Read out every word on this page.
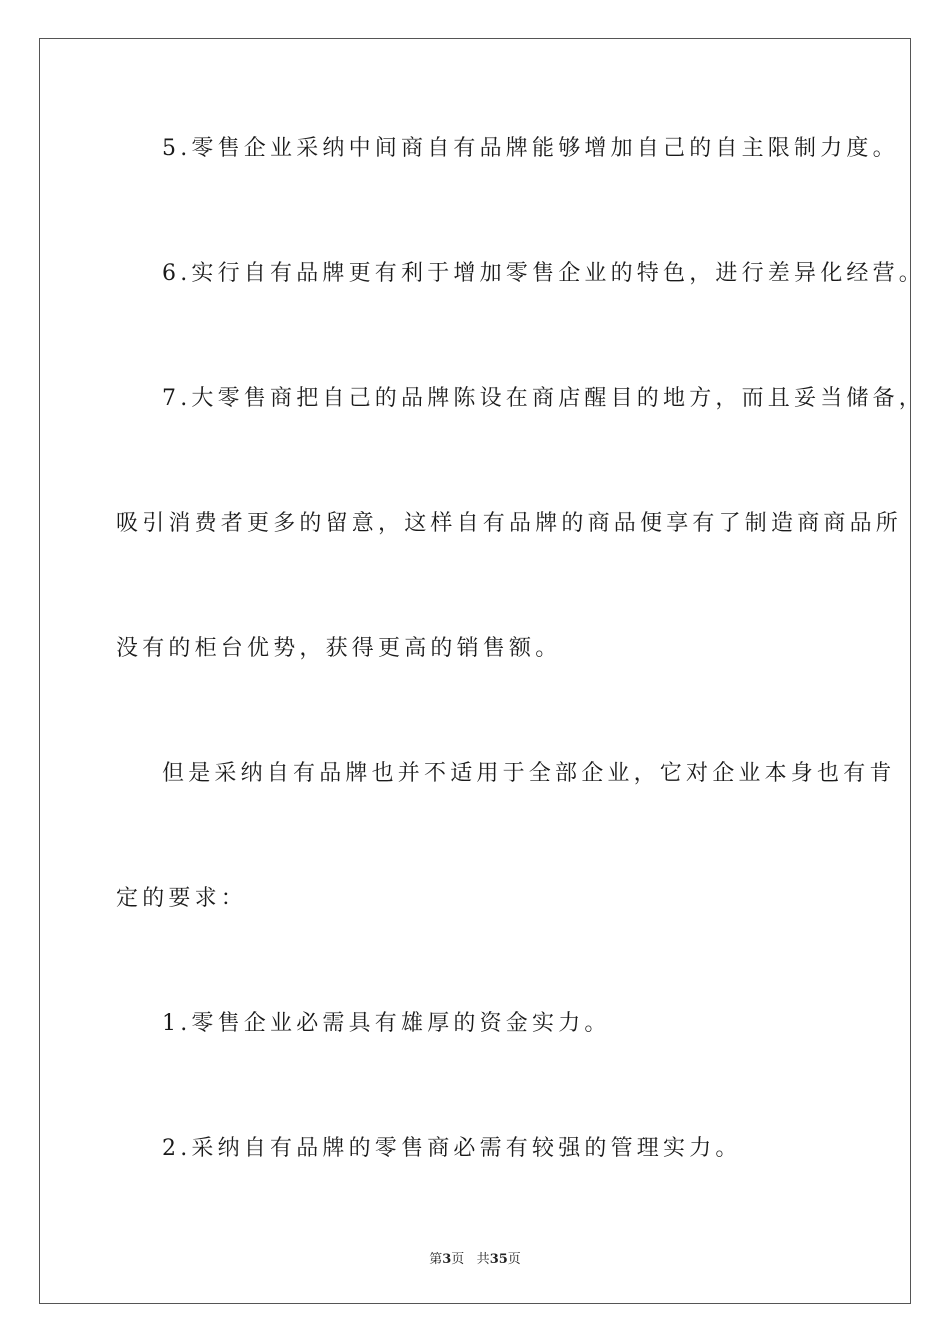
5.零售企业采纳中间商自有品牌能够增加自己的自主限制力度。
6.实行自有品牌更有利于增加零售企业的特色，进行差异化经营。
7.大零售商把自己的品牌陈设在商店醒目的地方，而且妥当储备，
吸引消费者更多的留意，这样自有品牌的商品便享有了制造商商品所
没有的柜台优势，获得更高的销售额。
但是采纳自有品牌也并不适用于全部企业，它对企业本身也有肯
定的要求：
1.零售企业必需具有雄厚的资金实力。
2.采纳自有品牌的零售商必需有较强的管理实力。
第3页 共35页
